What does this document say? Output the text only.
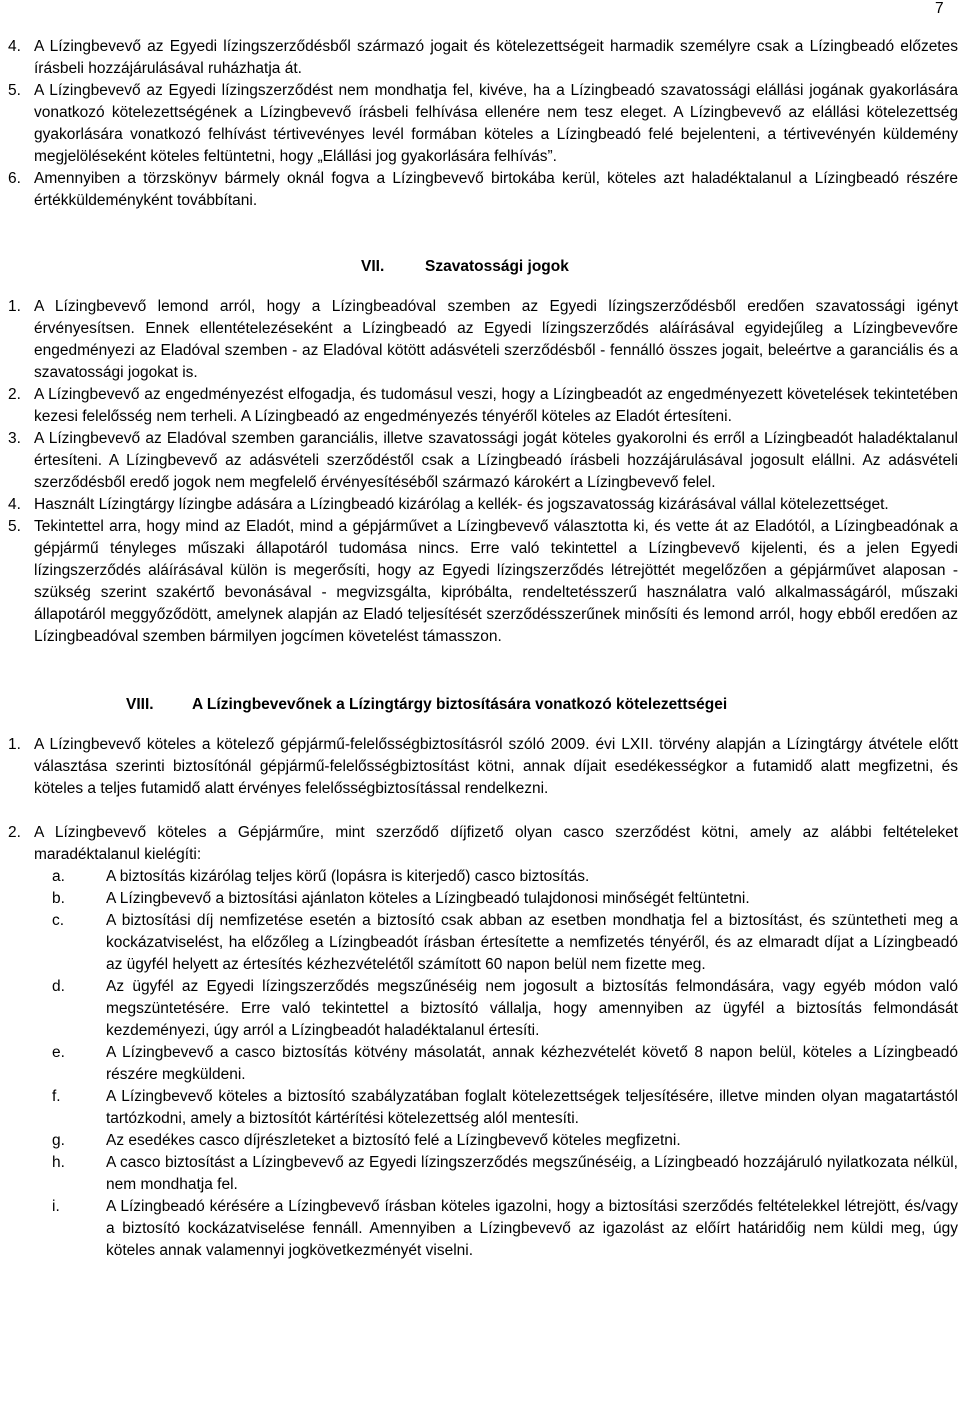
7
4. A Lízingbevevő az Egyedi lízingszerződésből származó jogait és kötelezettségeit harmadik személyre csak a Lízingbeadó előzetes írásbeli hozzájárulásával ruházhatja át.
5. A Lízingbevevő az Egyedi lízingszerződést nem mondhatja fel, kivéve, ha a Lízingbeadó szavatossági elállási jogának gyakorlására vonatkozó kötelezettségének a Lízingbevevő írásbeli felhívása ellenére nem tesz eleget. A Lízingbevevő az elállási kötelezettség gyakorlására vonatkozó felhívást tértivevényes levél formában köteles a Lízingbeadó felé bejelenteni, a tértivevényén küldemény megjelöléseként köteles feltüntetni, hogy „Elállási jog gyakorlására felhívás”.
6. Amennyiben a törzskönyv bármely oknál fogva a Lízingbevevő birtokába kerül, köteles azt haladéktalanul a Lízingbeadó részére értékküldeményként továbbítani.
VII.	Szavatossági jogok
1. A Lízingbevevő lemond arról, hogy a Lízingbeadóval szemben az Egyedi lízingszerződésből eredően szavatossági igényt érvényesítsen. Ennek ellentételezéseként a Lízingbeadó az Egyedi lízingszerződés aláírásával egyidejűleg a Lízingbevevőre engedményezi az Eladóval szemben - az Eladóval kötött adásvételi szerződésből - fennálló összes jogait, beleértve a garanciális és a szavatossági jogokat is.
2. A Lízingbevevő az engedményezést elfogadja, és tudomásul veszi, hogy a Lízingbeadót az engedményezett követelések tekintetében kezesi felelősség nem terheli. A Lízingbeadó az engedményezés tényéről köteles az Eladót értesíteni.
3. A Lízingbevevő az Eladóval szemben garanciális, illetve szavatossági jogát köteles gyakorolni és erről a Lízingbeadót haladéktalanul értesíteni. A Lízingbevevő az adásvételi szerződéstől csak a Lízingbeadó írásbeli hozzájárulásával jogosult elállni. Az adásvételi szerződésből eredő jogok nem megfelelő érvényesítéséből származó károkért a Lízingbevevő felel.
4. Használt Lízingtárgy lízingbe adására a Lízingbeadó kizárólag a kellék- és jogszavatosság kizárásával vállal kötelezettséget.
5. Tekintettel arra, hogy mind az Eladót, mind a gépjárművet a Lízingbevevő választotta ki, és vette át az Eladótól, a Lízingbeadónak a gépjármű tényleges műszaki állapotáról tudomása nincs. Erre való tekintettel a Lízingbevevő kijelenti, és a jelen Egyedi lízingszerződés aláírásával külön is megerősíti, hogy az Egyedi lízingszerződés létrejöttét megelőzően a gépjárművet alaposan - szükség szerint szakértő bevonásával - megvizsgálta, kipróbálta, rendeltetésszerű használatra való alkalmasságáról, műszaki állapotáról meggyőződött, amelynek alapján az Eladó teljesítését szerződésszerűnek minősíti és lemond arról, hogy ebből eredően az Lízingbeadóval szemben bármilyen jogcímen követelést támasszon.
VIII. A Lízingbevevőnek a Lízingtárgy biztosítására vonatkozó kötelezettségei
1. A Lízingbevevő köteles a kötelező gépjármű-felelősségbiztosításról szóló 2009. évi LXII. törvény alapján a Lízingtárgy átvétele előtt választása szerinti biztosítónál gépjármű-felelősségbiztosítást kötni, annak díjait esedékességkor a futamidő alatt megfizetni, és köteles a teljes futamidő alatt érvényes felelősségbiztosítással rendelkezni.
2. A Lízingbevevő köteles a Gépjárműre, mint szerződő díjfizető olyan casco szerződést kötni, amely az alábbi feltételeket maradéktalanul kielégíti:
a.	A biztosítás kizárólag teljes körű (lopásra is kiterjedő) casco biztosítás.
b.	A Lízingbevevő a biztosítási ajánlaton köteles a Lízingbeadó tulajdonosi minőségét feltüntetni.
c.	A biztosítási díj nemfizetése esetén a biztosító csak abban az esetben mondhatja fel a biztosítást, és szüntetheti meg a kockázatviselést, ha előzőleg a Lízingbeadót írásban értesítette a nemfizetés tényéről, és az elmaradt díjat a Lízingbeadó az ügyfél helyett az értesítés kézhezvételétől számított 60 napon belül nem fizette meg.
d.	Az ügyfél az Egyedi lízingszerződés megszűnéséig nem jogosult a biztosítás felmondására, vagy egyéb módon való megszüntetésére. Erre való tekintettel a biztosító vállalja, hogy amennyiben az ügyfél a biztosítás felmondását kezdeményezi, úgy arról a Lízingbeadót haladéktalanul értesíti.
e.	A Lízingbevevő a casco biztosítás kötvény másolatát, annak kézhezvételét követő 8 napon belül, köteles a Lízingbeadó részére megküldeni.
f.	A Lízingbevevő köteles a biztosító szabályzatában foglalt kötelezettségek teljesítésére, illetve minden olyan magatartástól tartózkodni, amely a biztosítót kártérítési kötelezettség alól mentesíti.
g.	Az esedékes casco díjrészleteket a biztosító felé a Lízingbevevő köteles megfizetni.
h.	A casco biztosítást a Lízingbevevő az Egyedi lízingszerződés megszűnéséig, a Lízingbeadó hozzájáruló nyilatkozata nélkül, nem mondhatja fel.
i.	A Lízingbeadó kérésére a Lízingbevevő írásban köteles igazolni, hogy a biztosítási szerződés feltételekkel létrejött, és/vagy a biztosító kockázatviselése fennáll. Amennyiben a Lízingbevevő az igazolást az előírt határidőig nem küldi meg, úgy köteles annak valamennyi jogkövetkezményét viselni.
